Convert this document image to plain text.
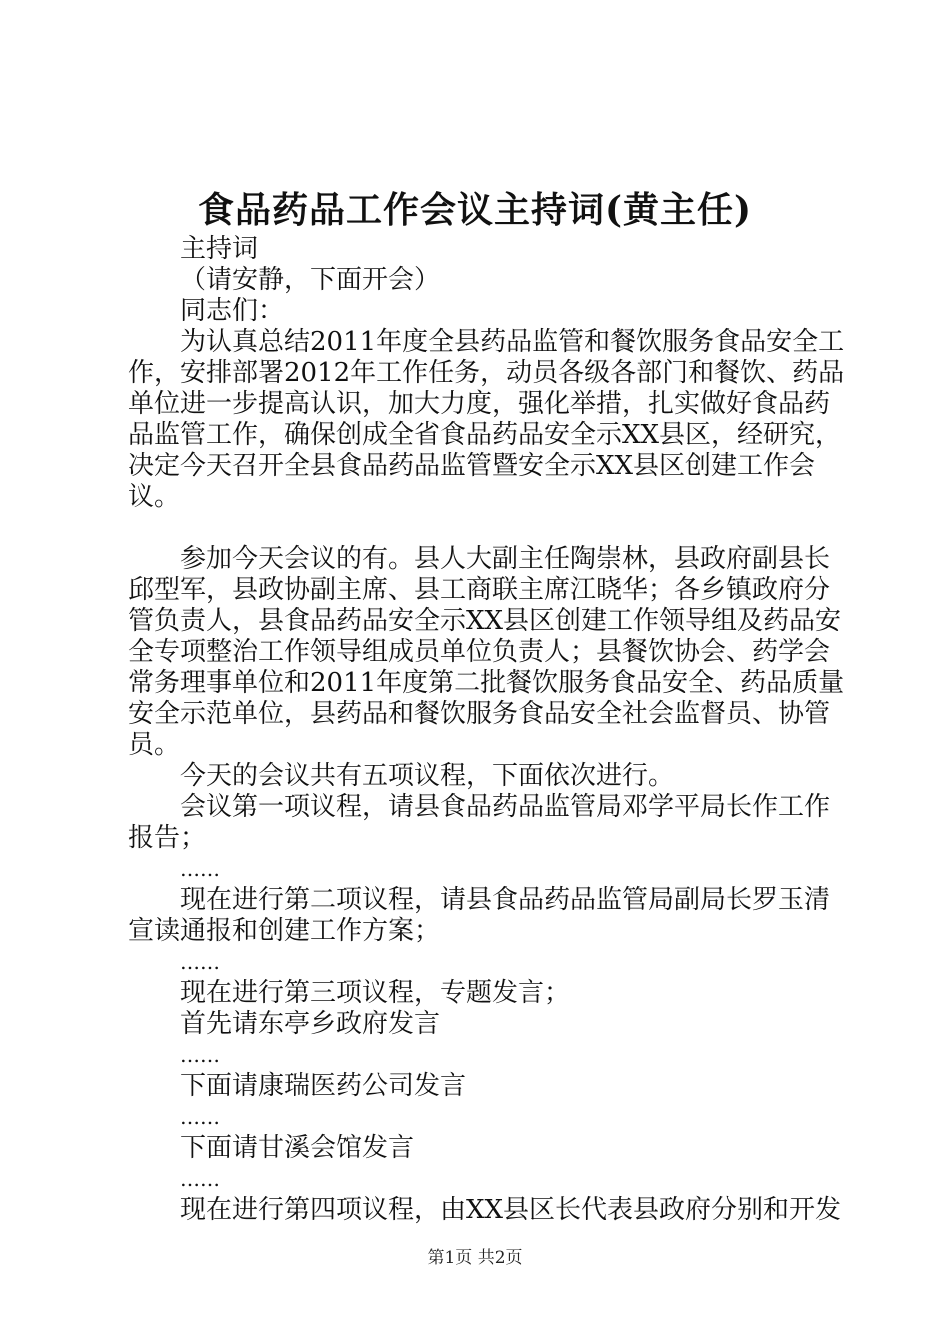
食品药品工作会议主持词(黄主任)

主持词

（请安静，下面开会）

同志们：

为认真总结2011年度全县药品监管和餐饮服务食品安全工作，安排部署2012年工作任务，动员各级各部门和餐饮、药品单位进一步提高认识，加大力度，强化举措，扎实做好食品药品监管工作，确保创成全省食品药品安全示XX县区，经研究，决定今天召开全县食品药品监管暨安全示XX县区创建工作会议。

参加今天会议的有。县人大副主任陶崇林，县政府副县长邱型军，县政协副主席、县工商联主席江晓华；各乡镇政府分管负责人，县食品药品安全示XX县区创建工作领导组及药品安全专项整治工作领导组成员单位负责人；县餐饮协会、药学会常务理事单位和2011年度第二批餐饮服务食品安全、药品质量安全示范单位，县药品和餐饮服务食品安全社会监督员、协管员。

今天的会议共有五项议程，下面依次进行。

会议第一项议程，请县食品药品监管局邓学平局长作工作报告；

……

现在进行第二项议程，请县食品药品监管局副局长罗玉清宣读通报和创建工作方案；

……

现在进行第三项议程，专题发言；

首先请东亭乡政府发言

……

下面请康瑞医药公司发言

……

下面请甘溪会馆发言

……

现在进行第四项议程，由XX县区长代表县政府分别和开发

第1页 共2页
